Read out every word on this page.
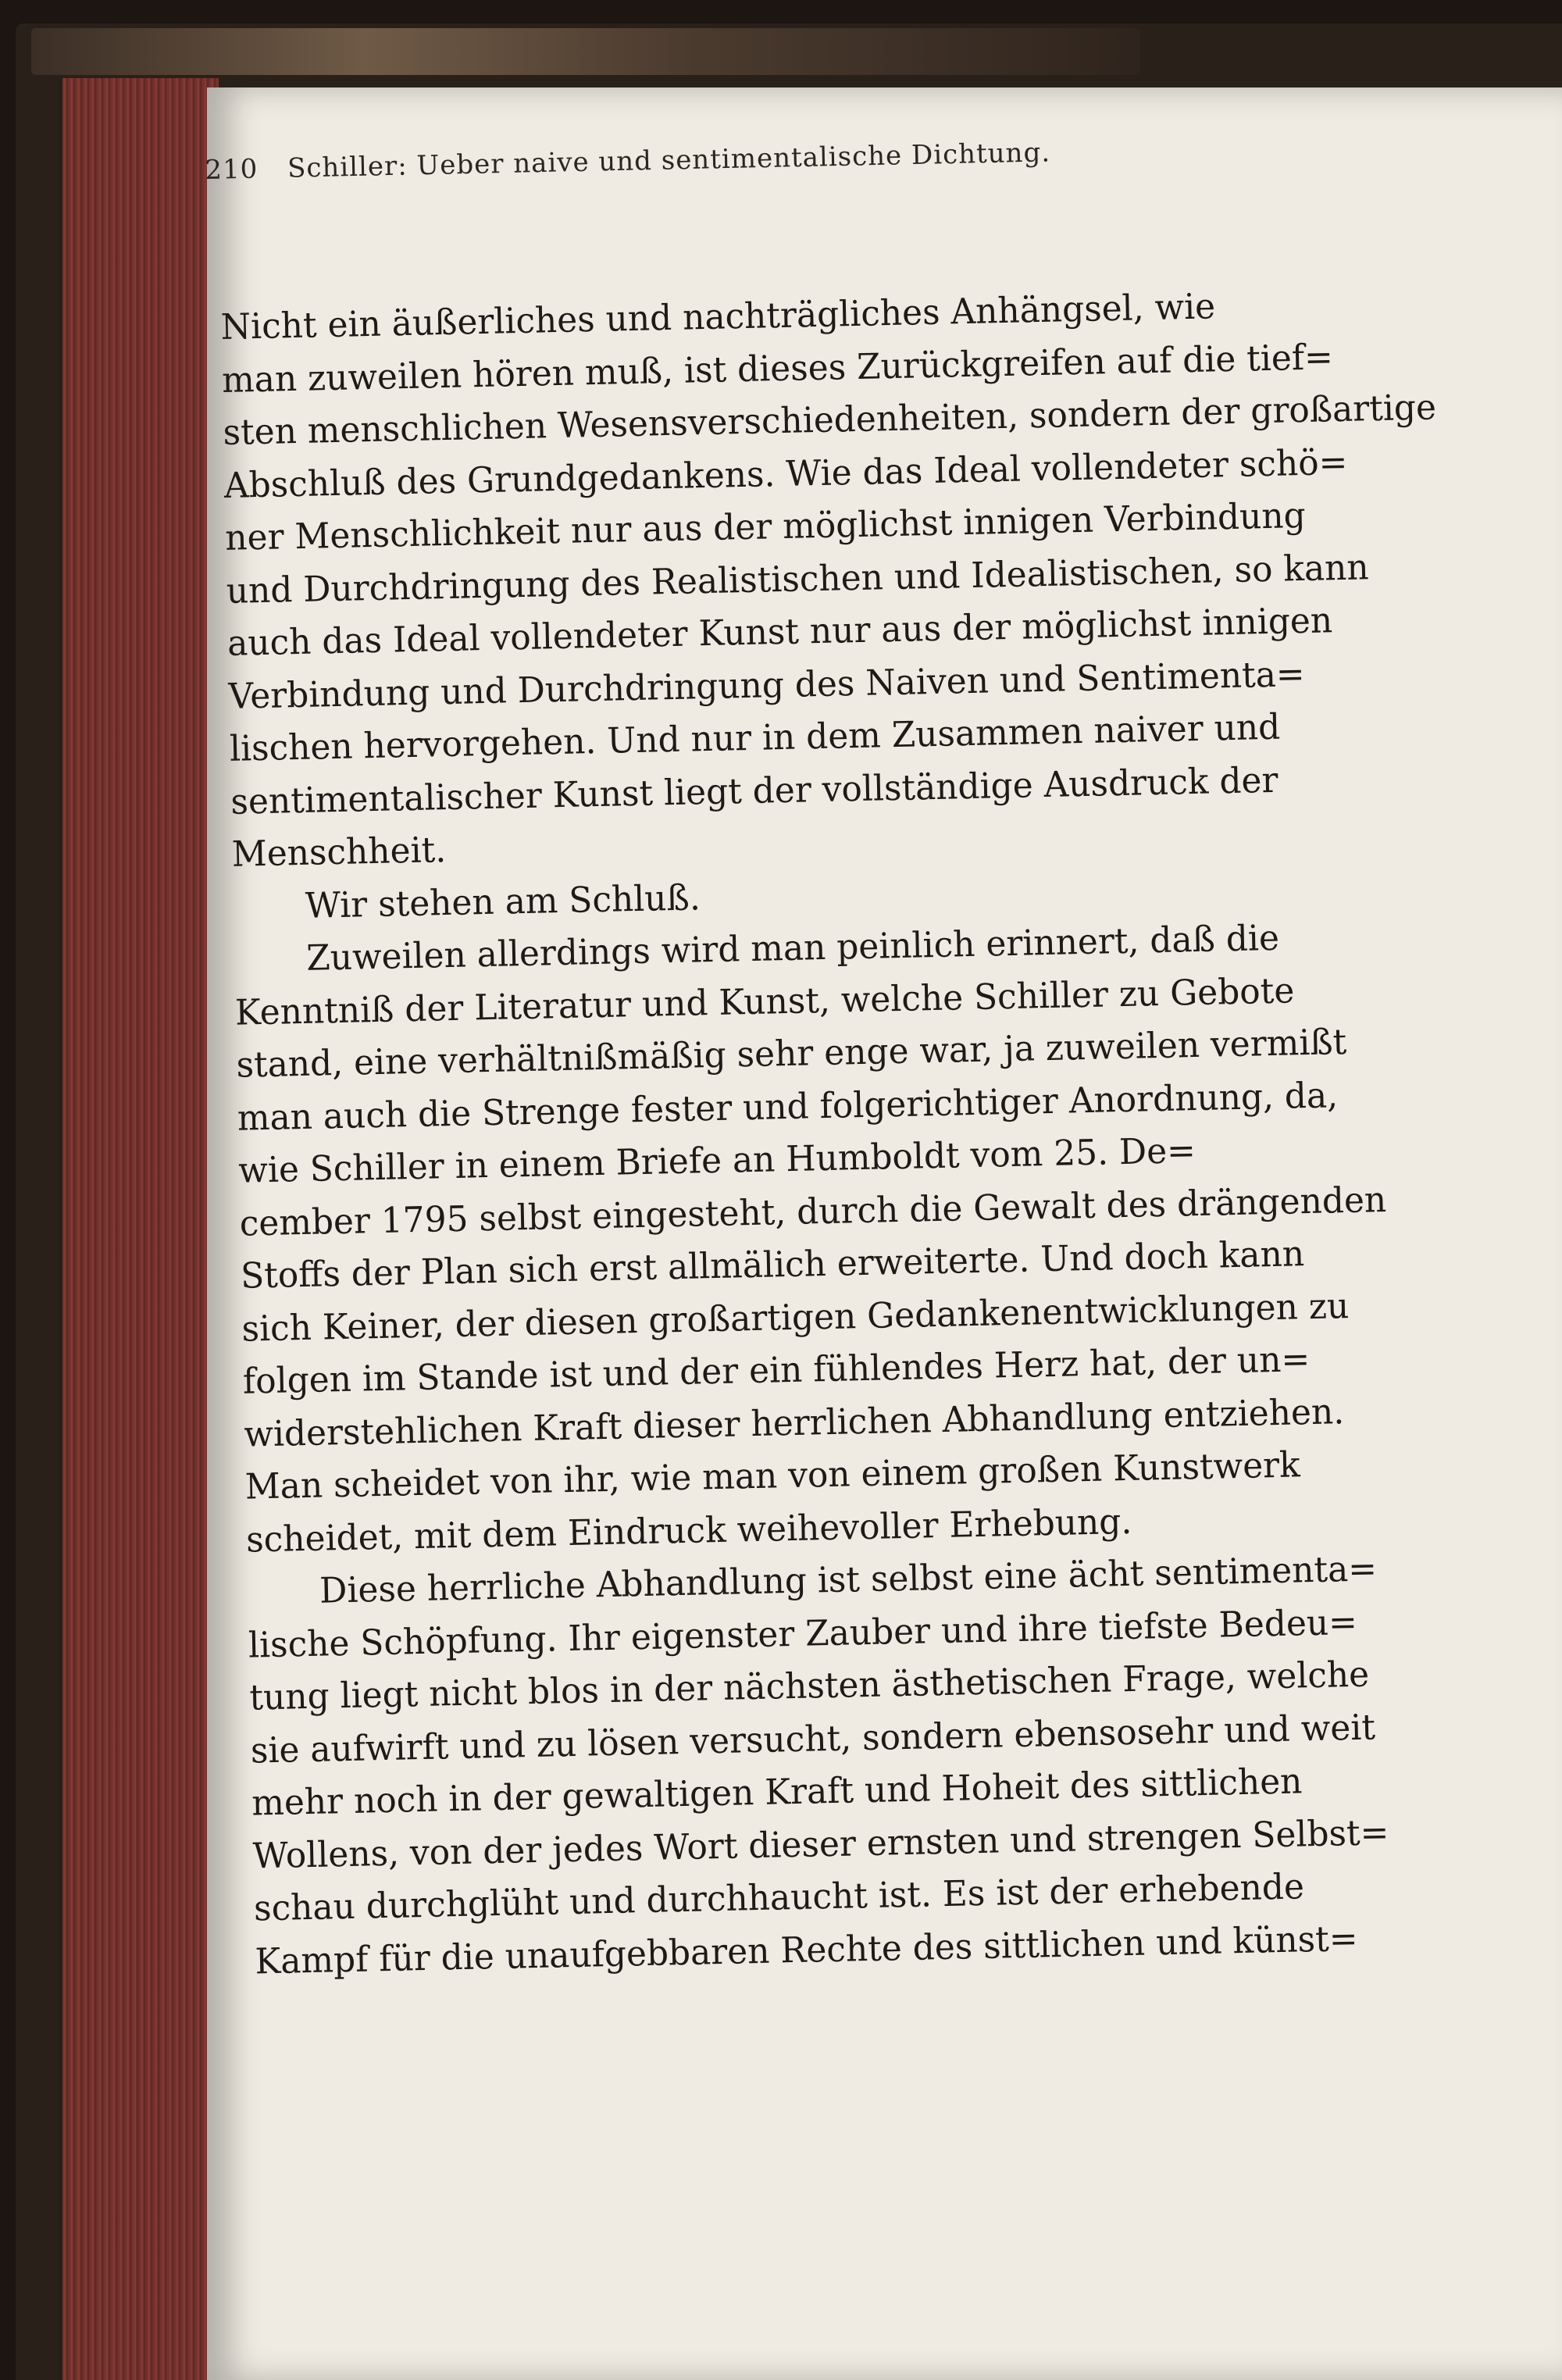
210 Schiller: Ueber naive und sentimentalische Dichtung.
Nicht ein äußerliches und nachträgliches Anhängsel, wie
man zuweilen hören muß, ist dieses Zurückgreifen auf die tief=
sten menschlichen Wesensverschiedenheiten, sondern der großartige
Abschluß des Grundgedankens. Wie das Ideal vollendeter schö=
ner Menschlichkeit nur aus der möglichst innigen Verbindung
und Durchdringung des Realistischen und Idealistischen, so kann
auch das Ideal vollendeter Kunst nur aus der möglichst innigen
Verbindung und Durchdringung des Naiven und Sentimenta=
lischen hervorgehen. Und nur in dem Zusammen naiver und
sentimentalischer Kunst liegt der vollständige Ausdruck der
Menschheit.
Wir stehen am Schluß.
Zuweilen allerdings wird man peinlich erinnert, daß die
Kenntniß der Literatur und Kunst, welche Schiller zu Gebote
stand, eine verhältnißmäßig sehr enge war, ja zuweilen vermißt
man auch die Strenge fester und folgerichtiger Anordnung, da,
wie Schiller in einem Briefe an Humboldt vom 25. De=
cember 1795 selbst eingesteht, durch die Gewalt des drängenden
Stoffs der Plan sich erst allmälich erweiterte. Und doch kann
sich Keiner, der diesen großartigen Gedankenentwicklungen zu
folgen im Stande ist und der ein fühlendes Herz hat, der un=
widerstehlichen Kraft dieser herrlichen Abhandlung entziehen.
Man scheidet von ihr, wie man von einem großen Kunstwerk
scheidet, mit dem Eindruck weihevoller Erhebung.
Diese herrliche Abhandlung ist selbst eine ächt sentimenta=
lische Schöpfung. Ihr eigenster Zauber und ihre tiefste Bedeu=
tung liegt nicht blos in der nächsten ästhetischen Frage, welche
sie aufwirft und zu lösen versucht, sondern ebensosehr und weit
mehr noch in der gewaltigen Kraft und Hoheit des sittlichen
Wollens, von der jedes Wort dieser ernsten und strengen Selbst=
schau durchglüht und durchhaucht ist. Es ist der erhebende
Kampf für die unaufgebbaren Rechte des sittlichen und künst=
